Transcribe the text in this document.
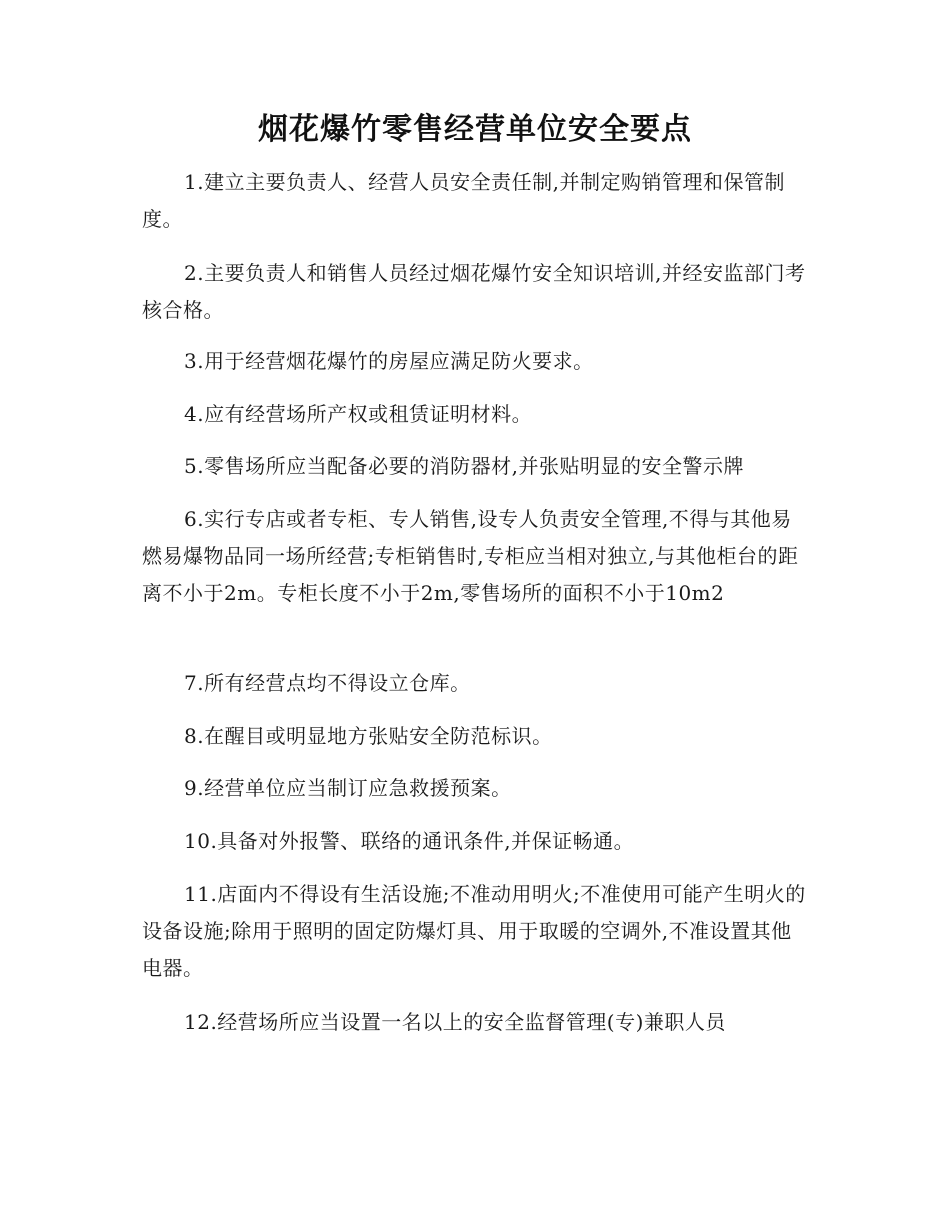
烟花爆竹零售经营单位安全要点

1.建立主要负责人、经营人员安全责任制,并制定购销管理和保管制度。

2.主要负责人和销售人员经过烟花爆竹安全知识培训,并经安监部门考核合格。

3.用于经营烟花爆竹的房屋应满足防火要求。

4.应有经营场所产权或租赁证明材料。

5.零售场所应当配备必要的消防器材,并张贴明显的安全警示牌

6.实行专店或者专柜、专人销售,设专人负责安全管理,不得与其他易燃易爆物品同一场所经营;专柜销售时,专柜应当相对独立,与其他柜台的距离不小于2m。专柜长度不小于2m,零售场所的面积不小于10m2

7.所有经营点均不得设立仓库。

8.在醒目或明显地方张贴安全防范标识。

9.经营单位应当制订应急救援预案。

10.具备对外报警、联络的通讯条件,并保证畅通。

11.店面内不得设有生活设施;不准动用明火;不准使用可能产生明火的设备设施;除用于照明的固定防爆灯具、用于取暖的空调外,不准设置其他电器。

12.经营场所应当设置一名以上的安全监督管理(专)兼职人员
